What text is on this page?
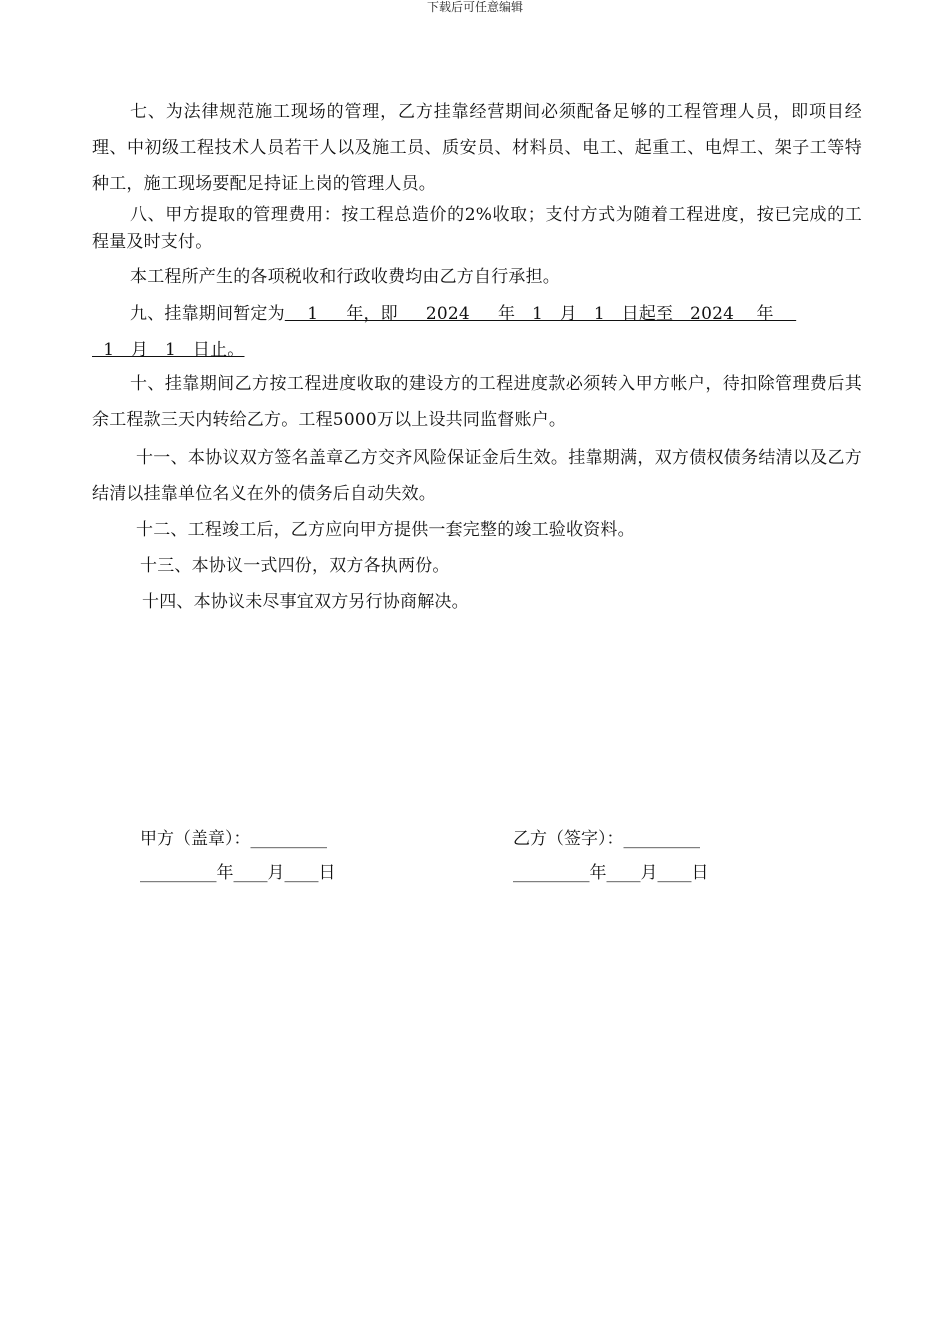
下载后可任意编辑

七、为法律规范施工现场的管理，乙方挂靠经营期间必须配备足够的工程管理人员，即项目经理、中初级工程技术人员若干人以及施工员、质安员、材料员、电工、起重工、电焊工、架子工等特种工，施工现场要配足持证上岗的管理人员。

八、甲方提取的管理费用：按工程总造价的2%收取；支付方式为随着工程进度，按已完成的工程量及时支付。

本工程所产生的各项税收和行政收费均由乙方自行承担。

九、挂靠期间暂定为    1     年，即     2024     年   1   月   1   日起至   2024    年

1   月   1   日止。

十、挂靠期间乙方按工程进度收取的建设方的工程进度款必须转入甲方帐户，待扣除管理费后其余工程款三天内转给乙方。工程5000万以上设共同监督账户。

十一、本协议双方签名盖章乙方交齐风险保证金后生效。挂靠期满，双方债权债务结清以及乙方结清以挂靠单位名义在外的债务后自动失效。

十二、工程竣工后，乙方应向甲方提供一套完整的竣工验收资料。

十三、本协议一式四份，双方各执两份。

十四、本协议未尽事宜双方另行协商解决。

甲方（盖章）：_________
_________年____月____日
乙方（签字）：_________
_________年____月____日
